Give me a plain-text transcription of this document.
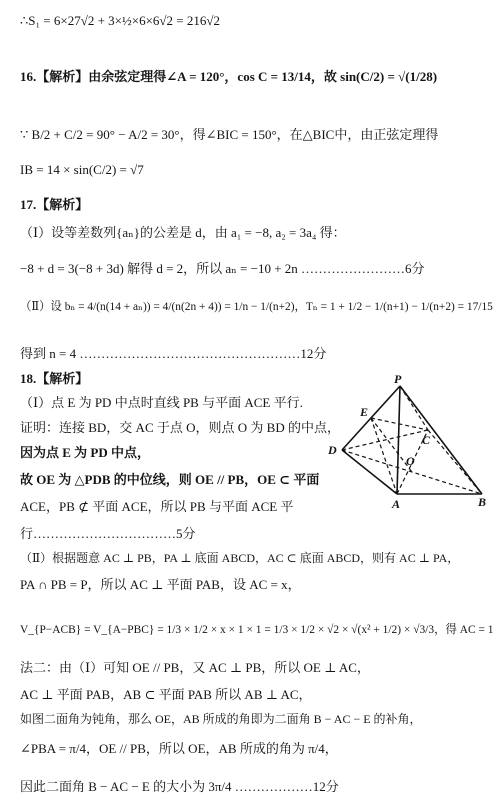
∴S₁ = 6×27√2 + 3×½×6×6√2 = 216√2
16.【解析】由余弦定理得∠A = 120°，cos C = 13/14，故 sin(C/2) = √(1/28)
∵ B/2 + C/2 = 90° − A/2 = 30°，得∠BIC = 150°，在△BIC中，由正弦定理得
IB = 14 × sin(C/2) = √7
17.【解析】
（Ⅰ）设等差数列{aₙ}的公差是 d，由 a₁ = −8, a₂ = 3a₄ 得：
−8 + d = 3(−8 + 3d) 解得 d = 2，所以 aₙ = −10 + 2n ……………………6分
（Ⅱ）设 bₙ = 4/(n(14 + aₙ)) = 4/(n(2n + 4)) = 1/n − 1/(n+2)，Tₙ = 1 + 1/2 − 1/(n+1) − 1/(n+2) = 17/15
得到 n = 4 ……………………………………………12分
18.【解析】
（Ⅰ）点 E 为 PD 中点时直线 PB 与平面 ACE 平行.
证明：连接 BD，交 AC 于点 O，则点 O 为 BD 的中点，
因为点 E 为 PD 中点，
故 OE 为 △PDB 的中位线，则 OE // PB，OE ⊂ 平面
ACE，PB ⊄ 平面 ACE，所以 PB 与平面 ACE 平
行……………………………5分
（Ⅱ）根据题意 AC ⊥ PB，PA ⊥ 底面 ABCD，AC ⊂ 底面 ABCD，则有 AC ⊥ PA，
PA ∩ PB = P，所以 AC ⊥ 平面 PAB，设 AC = x，
V_{P−ACB} = V_{A−PBC} = 1/3 × 1/2 × x × 1 × 1 = 1/3 × 1/2 × √2 × √(x² + 1/2) × √3/3，得 AC = 1
法二：由（Ⅰ）可知 OE // PB，又 AC ⊥ PB，所以 OE ⊥ AC，
AC ⊥ 平面 PAB，AB ⊂ 平面 PAB 所以 AB ⊥ AC，
如图二面角为钝角，那么 OE，AB 所成的角即为二面角 B − AC − E 的补角，
∠PBA = π/4，OE // PB，所以 OE，AB 所成的角为 π/4，
因此二面角 B − AC − E 的大小为 3π/4 ………………12分
P
E
D
C
O
A	B
